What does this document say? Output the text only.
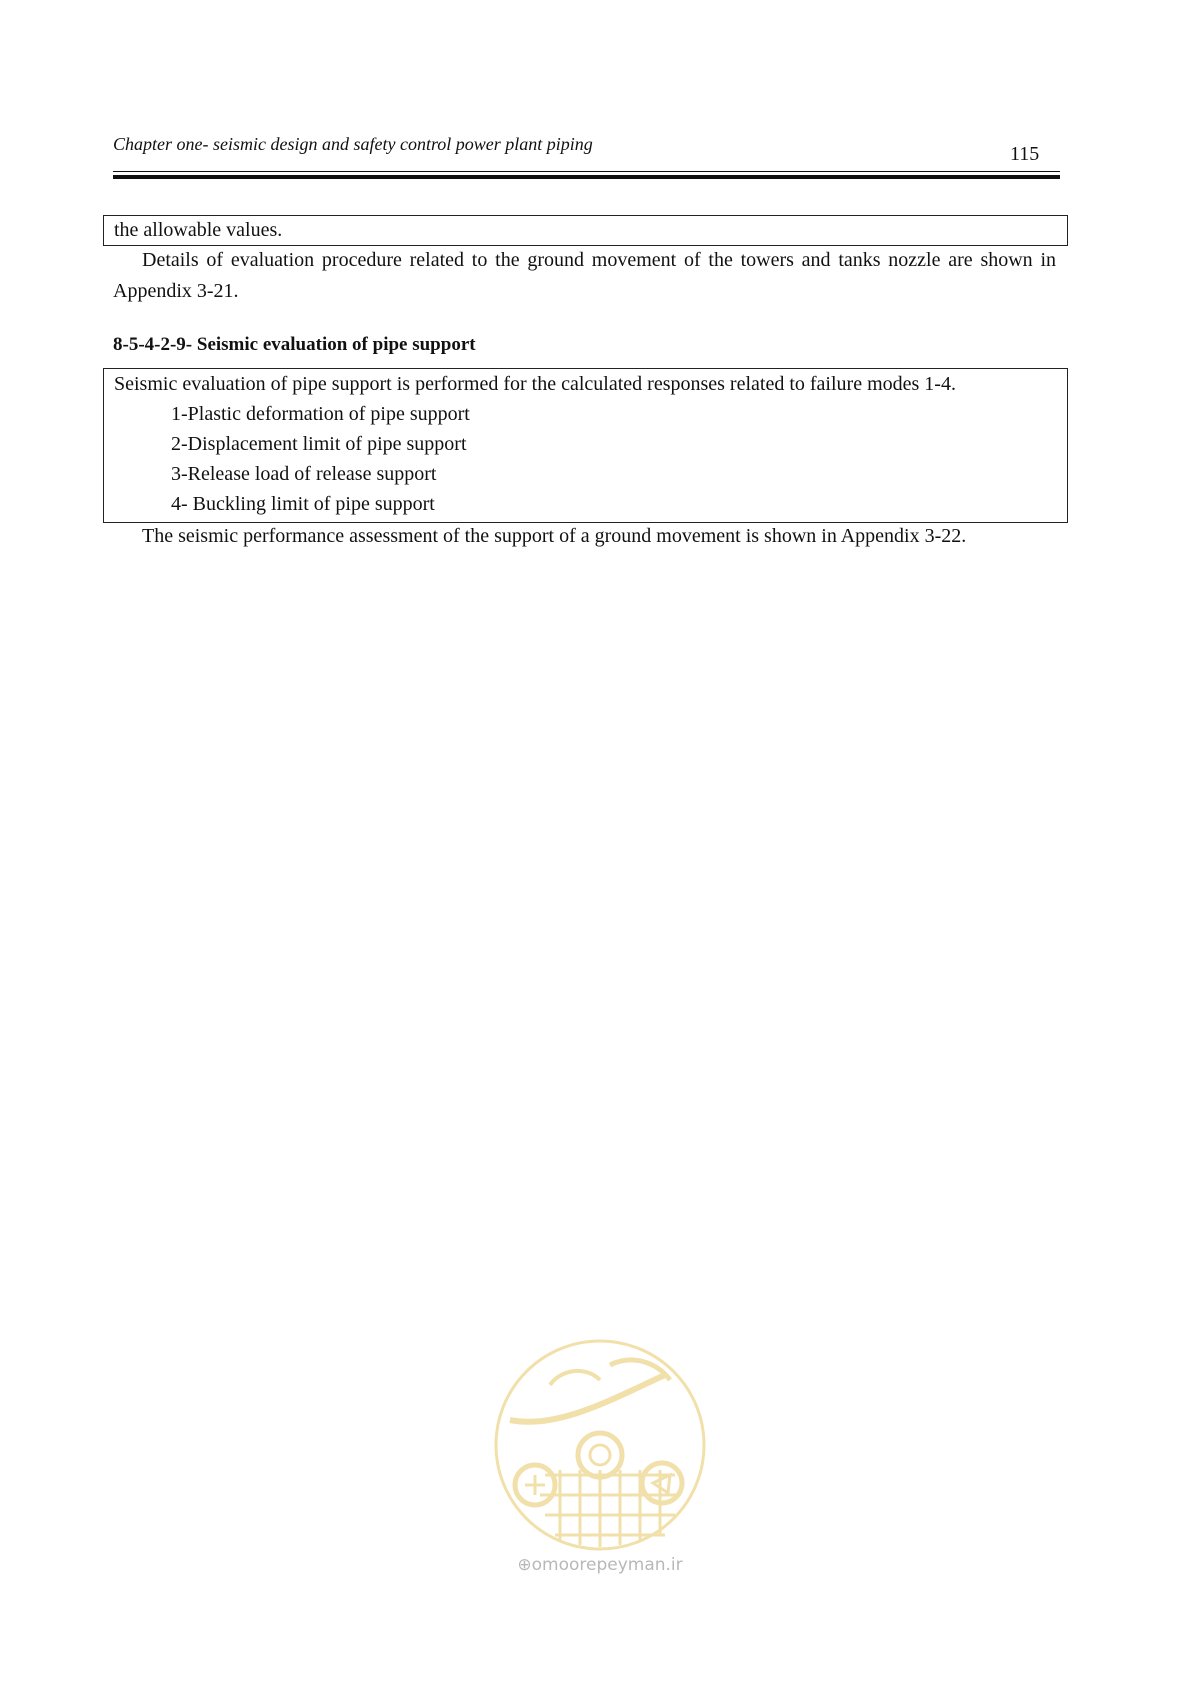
Chapter one- seismic design and safety control power plant piping	115
the allowable values.
Details of evaluation procedure related to the ground movement of the towers and tanks nozzle are shown in Appendix 3-21.
8-5-4-2-9- Seismic evaluation of pipe support
Seismic evaluation of pipe support is performed for the calculated responses related to failure modes 1-4.
1-Plastic deformation of pipe support
2-Displacement limit of pipe support
3-Release load of release support
4- Buckling limit of pipe support
The seismic performance assessment of the support of a ground movement is shown in Appendix 3-22.
⊕omoorepeyman.ir
